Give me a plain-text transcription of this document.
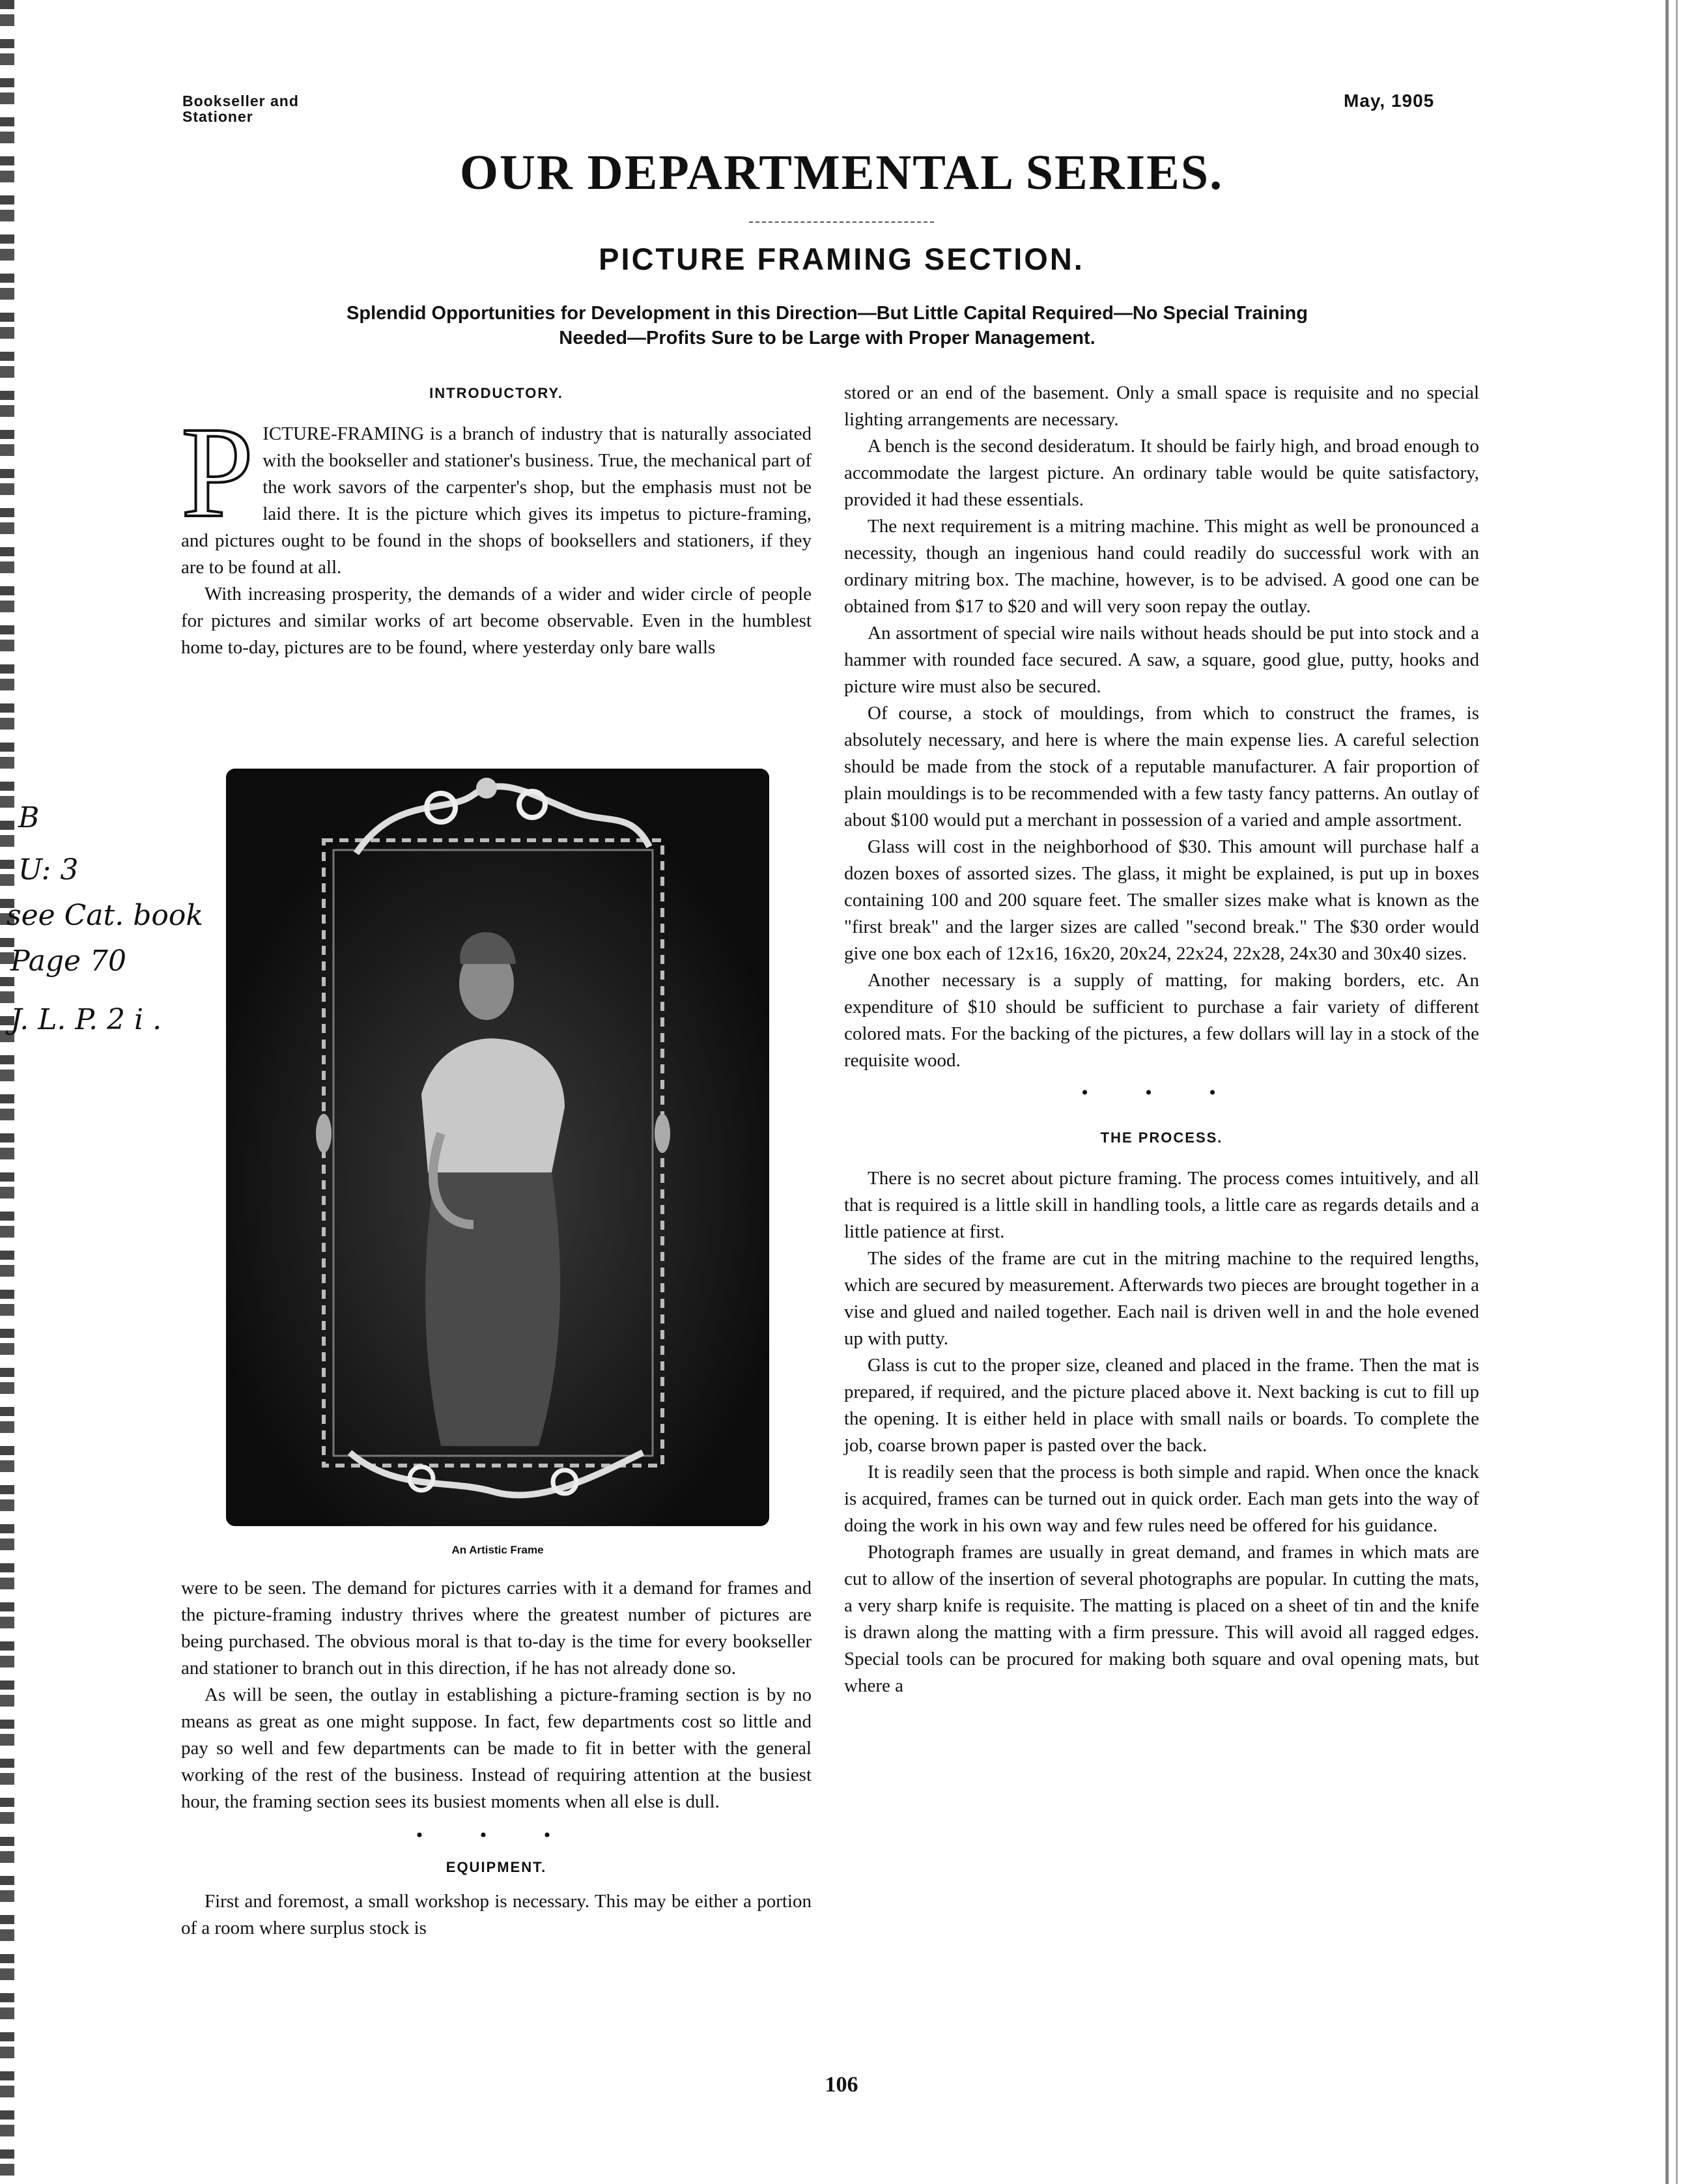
Bookseller and
Stationer
May, 1905
OUR DEPARTMENTAL SERIES.
PICTURE FRAMING SECTION.
Splendid Opportunities for Development in this Direction—But Little Capital Required—No Special Training
Needed—Profits Sure to be Large with Proper Management.
INTRODUCTORY.
P ICTURE-FRAMING is a branch of industry that is naturally associated with the bookseller and stationer's business. True, the mechanical part of the work savors of the carpenter's shop, but the emphasis must not be laid there. It is the picture which gives its impetus to picture-framing, and pictures ought to be found in the shops of booksellers and stationers, if they are to be found at all.

With increasing prosperity, the demands of a wider and wider circle of people for pictures and similar works of art become observable. Even in the humblest home to-day, pictures are to be found, where yesterday only bare walls

An Artistic Frame

were to be seen. The demand for pictures carries with it a demand for frames and the picture-framing industry thrives where the greatest number of pictures are being purchased. The obvious moral is that to-day is the time for every bookseller and stationer to branch out in this direction, if he has not already done so.

As will be seen, the outlay in establishing a picture-framing section is by no means as great as one might suppose. In fact, few departments cost so little and pay so well and few departments can be made to fit in better with the general working of the rest of the business. Instead of requiring attention at the busiest hour, the framing section sees its busiest moments when all else is dull.

• • •
EQUIPMENT.

First and foremost, a small workshop is necessary. This may be either a portion of a room where surplus stock is

stored or an end of the basement. Only a small space is requisite and no special lighting arrangements are necessary.

A bench is the second desideratum. It should be fairly high, and broad enough to accommodate the largest picture. An ordinary table would be quite satisfactory, provided it had these essentials.

The next requirement is a mitring machine. This might as well be pronounced a necessity, though an ingenious hand could readily do successful work with an ordinary mitring box. The machine, however, is to be advised. A good one can be obtained from $17 to $20 and will very soon repay the outlay.

An assortment of special wire nails without heads should be put into stock and a hammer with rounded face secured. A saw, a square, good glue, putty, hooks and picture wire must also be secured.

Of course, a stock of mouldings, from which to construct the frames, is absolutely necessary, and here is where the main expense lies. A careful selection should be made from the stock of a reputable manufacturer. A fair proportion of plain mouldings is to be recommended with a few tasty fancy patterns. An outlay of about $100 would put a merchant in possession of a varied and ample assortment.

Glass will cost in the neighborhood of $30. This amount will purchase half a dozen boxes of assorted sizes. The glass, it might be explained, is put up in boxes containing 100 and 200 square feet. The smaller sizes make what is known as the "first break" and the larger sizes are called "second break." The $30 order would give one box each of 12x16, 16x20, 20x24, 22x24, 22x28, 24x30 and 30x40 sizes.

Another necessary is a supply of matting, for making borders, etc. An expenditure of $10 should be sufficient to purchase a fair variety of different colored mats. For the backing of the pictures, a few dollars will lay in a stock of the requisite wood.

• • •
THE PROCESS.

There is no secret about picture framing. The process comes intuitively, and all that is required is a little skill in handling tools, a little care as regards details and a little patience at first.

The sides of the frame are cut in the mitring machine to the required lengths, which are secured by measurement. Afterwards two pieces are brought together in a vise and glued and nailed together. Each nail is driven well in and the hole evened up with putty.

Glass is cut to the proper size, cleaned and placed in the frame. Then the mat is prepared, if required, and the picture placed above it. Next backing is cut to fill up the opening. It is either held in place with small nails or boards. To complete the job, coarse brown paper is pasted over the back.

It is readily seen that the process is both simple and rapid. When once the knack is acquired, frames can be turned out in quick order. Each man gets into the way of doing the work in his own way and few rules need be offered for his guidance.

Photograph frames are usually in great demand, and frames in which mats are cut to allow of the insertion of several photographs are popular. In cutting the mats, a very sharp knife is requisite. The matting is placed on a sheet of tin and the knife is drawn along the matting with a firm pressure. This will avoid all ragged edges. Special tools can be procured for making both square and oval opening mats, but where a

B
U: 3
see Cat. book
Page 70
J. L. P. 2 i .
106
